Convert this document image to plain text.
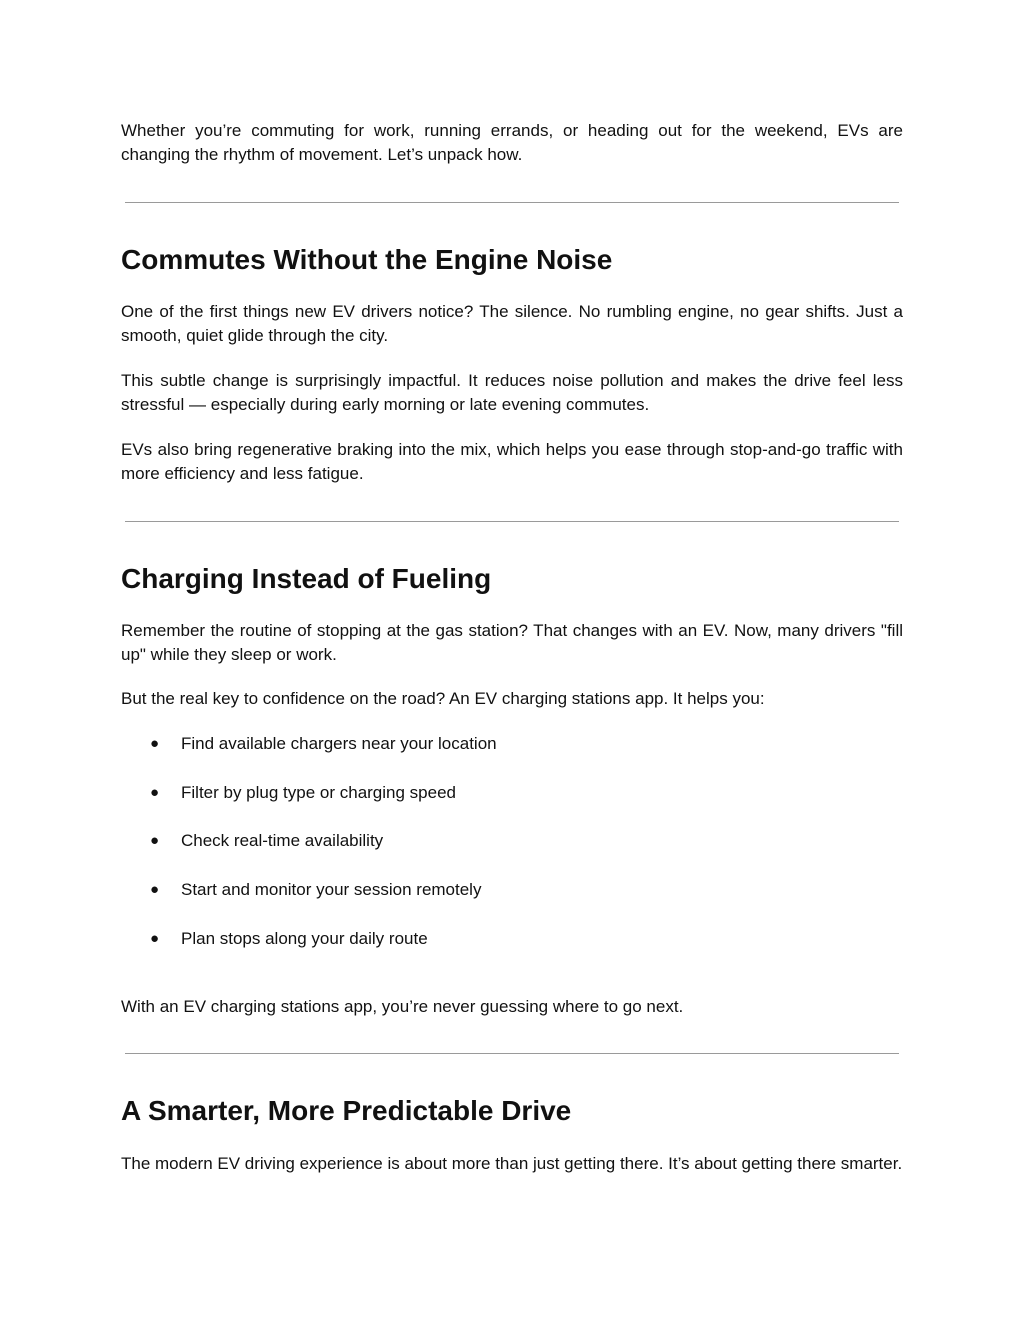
Whether you’re commuting for work, running errands, or heading out for the weekend, EVs are changing the rhythm of movement. Let’s unpack how.

Commutes Without the Engine Noise

One of the first things new EV drivers notice? The silence. No rumbling engine, no gear shifts. Just a smooth, quiet glide through the city.

This subtle change is surprisingly impactful. It reduces noise pollution and makes the drive feel less stressful — especially during early morning or late evening commutes.

EVs also bring regenerative braking into the mix, which helps you ease through stop-and-go traffic with more efficiency and less fatigue.

Charging Instead of Fueling

Remember the routine of stopping at the gas station? That changes with an EV. Now, many drivers "fill up" while they sleep or work.

But the real key to confidence on the road? An EV charging stations app. It helps you:

●	Find available chargers near your location
●	Filter by plug type or charging speed
●	Check real-time availability
●	Start and monitor your session remotely
●	Plan stops along your daily route

With an EV charging stations app, you’re never guessing where to go next.

A Smarter, More Predictable Drive

The modern EV driving experience is about more than just getting there. It’s about getting there smarter.
